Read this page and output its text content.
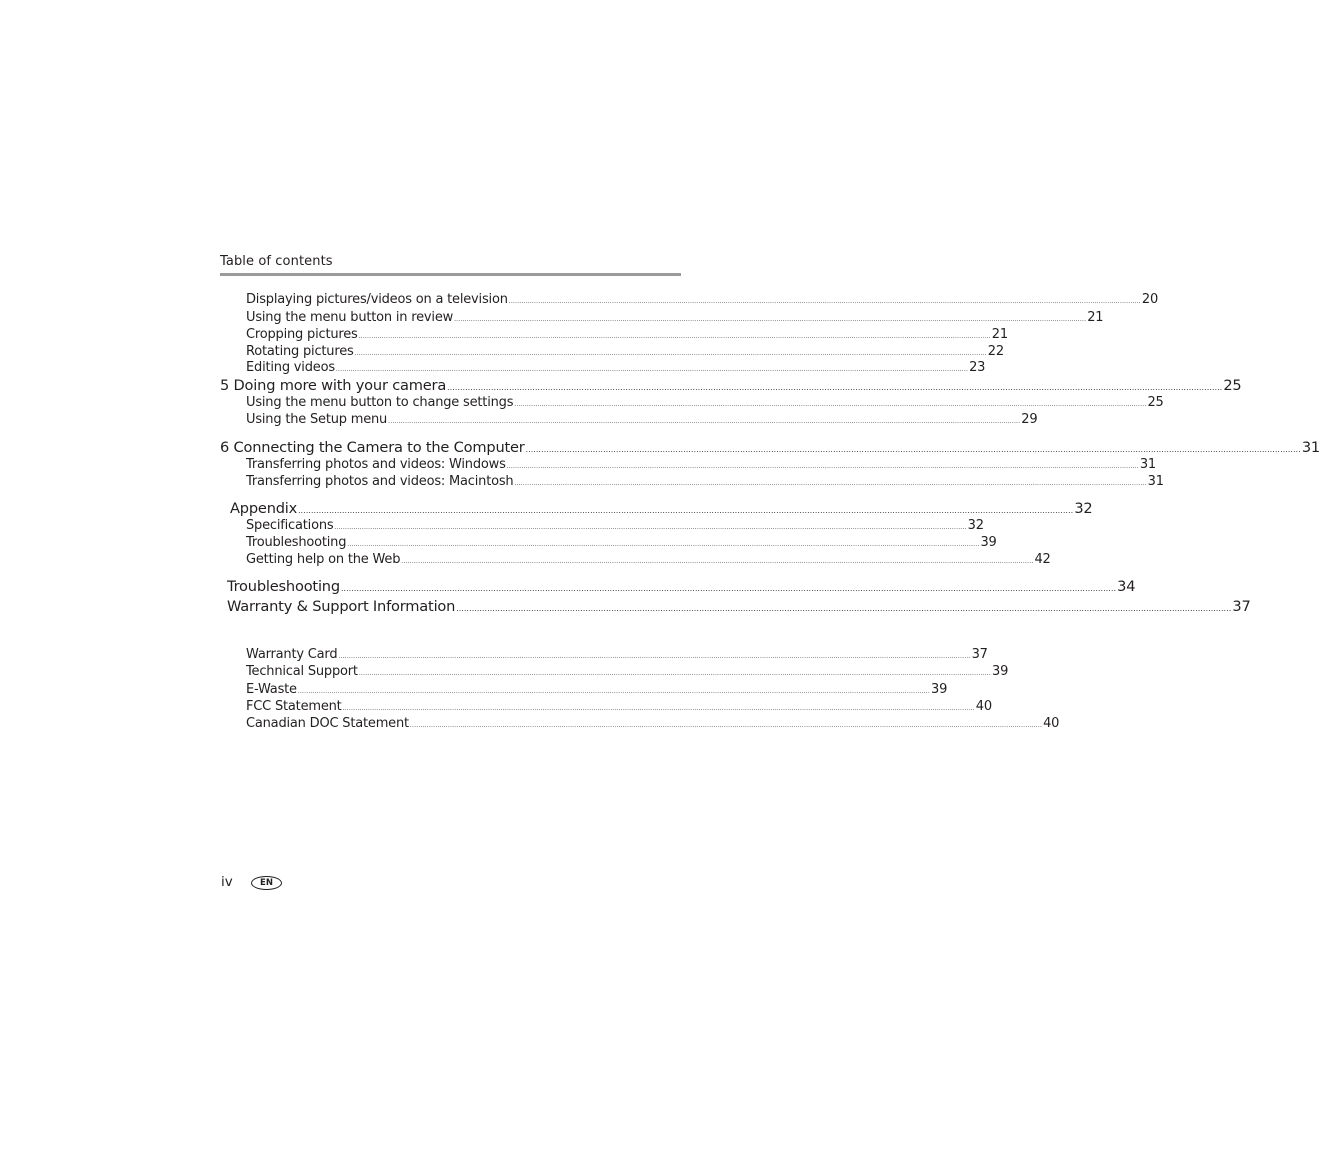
Table of contents
Displaying pictures/videos on a television ............................................................................................................................................................................................................................................................................................................ 20
Using the menu button in review ............................................................................................................................................................................................................................................................................................................ 21
Cropping pictures ............................................................................................................................................................................................................................................................................................................ 21
Rotating pictures ............................................................................................................................................................................................................................................................................................................ 22
Editing videos ............................................................................................................................................................................................................................................................................................................ 23
5 Doing more with your camera ............................................................................................................................................................................................................................................................................................................ 25
Using the menu button to change settings ............................................................................................................................................................................................................................................................................................................ 25
Using the Setup menu ............................................................................................................................................................................................................................................................................................................ 29
6 Connecting the Camera to the Computer ............................................................................................................................................................................................................................................................................................................ 31
Transferring photos and videos: Windows ............................................................................................................................................................................................................................................................................................................ 31
Transferring photos and videos: Macintosh ............................................................................................................................................................................................................................................................................................................ 31
Appendix ............................................................................................................................................................................................................................................................................................................ 32
Specifications ............................................................................................................................................................................................................................................................................................................ 32
Troubleshooting ............................................................................................................................................................................................................................................................................................................ 39
Getting help on the Web ............................................................................................................................................................................................................................................................................................................ 42
Troubleshooting ............................................................................................................................................................................................................................................................................................................ 34
Warranty & Support Information ............................................................................................................................................................................................................................................................................................................ 37
Warranty Card ............................................................................................................................................................................................................................................................................................................ 37
Technical Support ............................................................................................................................................................................................................................................................................................................ 39
E-Waste ............................................................................................................................................................................................................................................................................................................ 39
FCC Statement ............................................................................................................................................................................................................................................................................................................ 40
Canadian DOC Statement ............................................................................................................................................................................................................................................................................................................ 40
iv	EN
